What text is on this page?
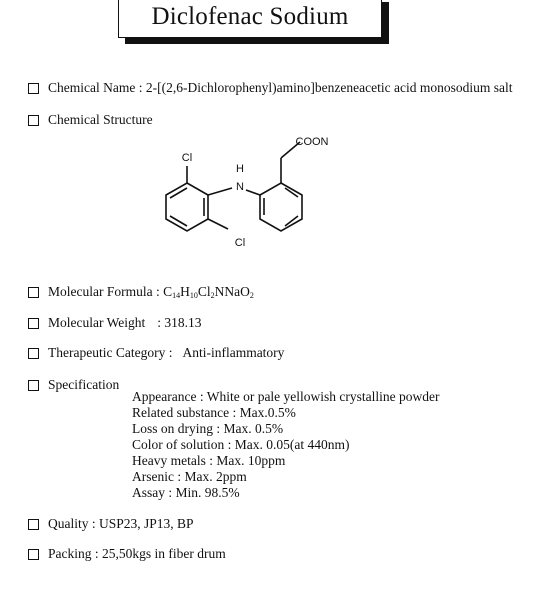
Diclofenac Sodium
Chemical Name : 2-[(2,6-Dichlorophenyl)amino]benzeneacetic acid monosodium salt
Chemical Structure
Cl
H
N
Cl
COON
Molecular Formula : $C_{14}H_{10}Cl_2NNaO_2$
Molecular Weight : 318.13
Therapeutic Category : Anti-inflammatory
Specification
Appearance : White or pale yellowish crystalline powder
Related substance : Max.0.5%
Loss on drying : Max. 0.5%
Color of solution : Max. 0.05(at 440nm)
Heavy metals : Max. 10ppm
Arsenic : Max. 2ppm
Assay : Min. 98.5%
Quality : USP23, JP13, BP
Packing : 25,50kgs in fiber drum
